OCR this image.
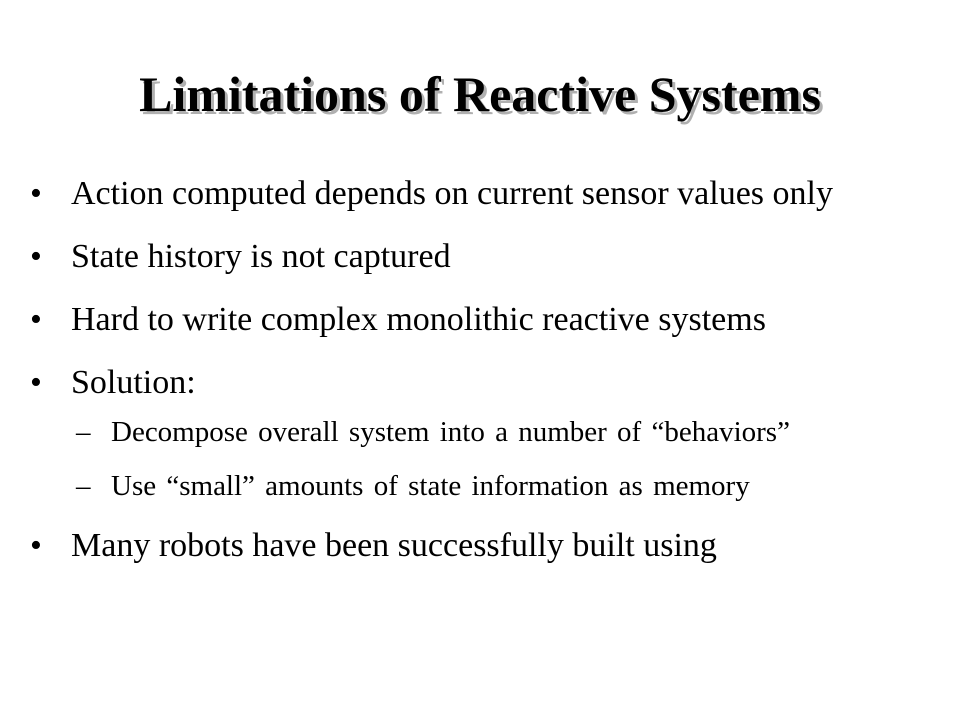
Limitations of Reactive Systems
• Action computed depends on current sensor values only
• State history is not captured
• Hard to write complex monolithic reactive systems
• Solution:
– Decompose overall system into a number of “behaviors”
– Use “small” amounts of state information as memory
• Many robots have been successfully built using
